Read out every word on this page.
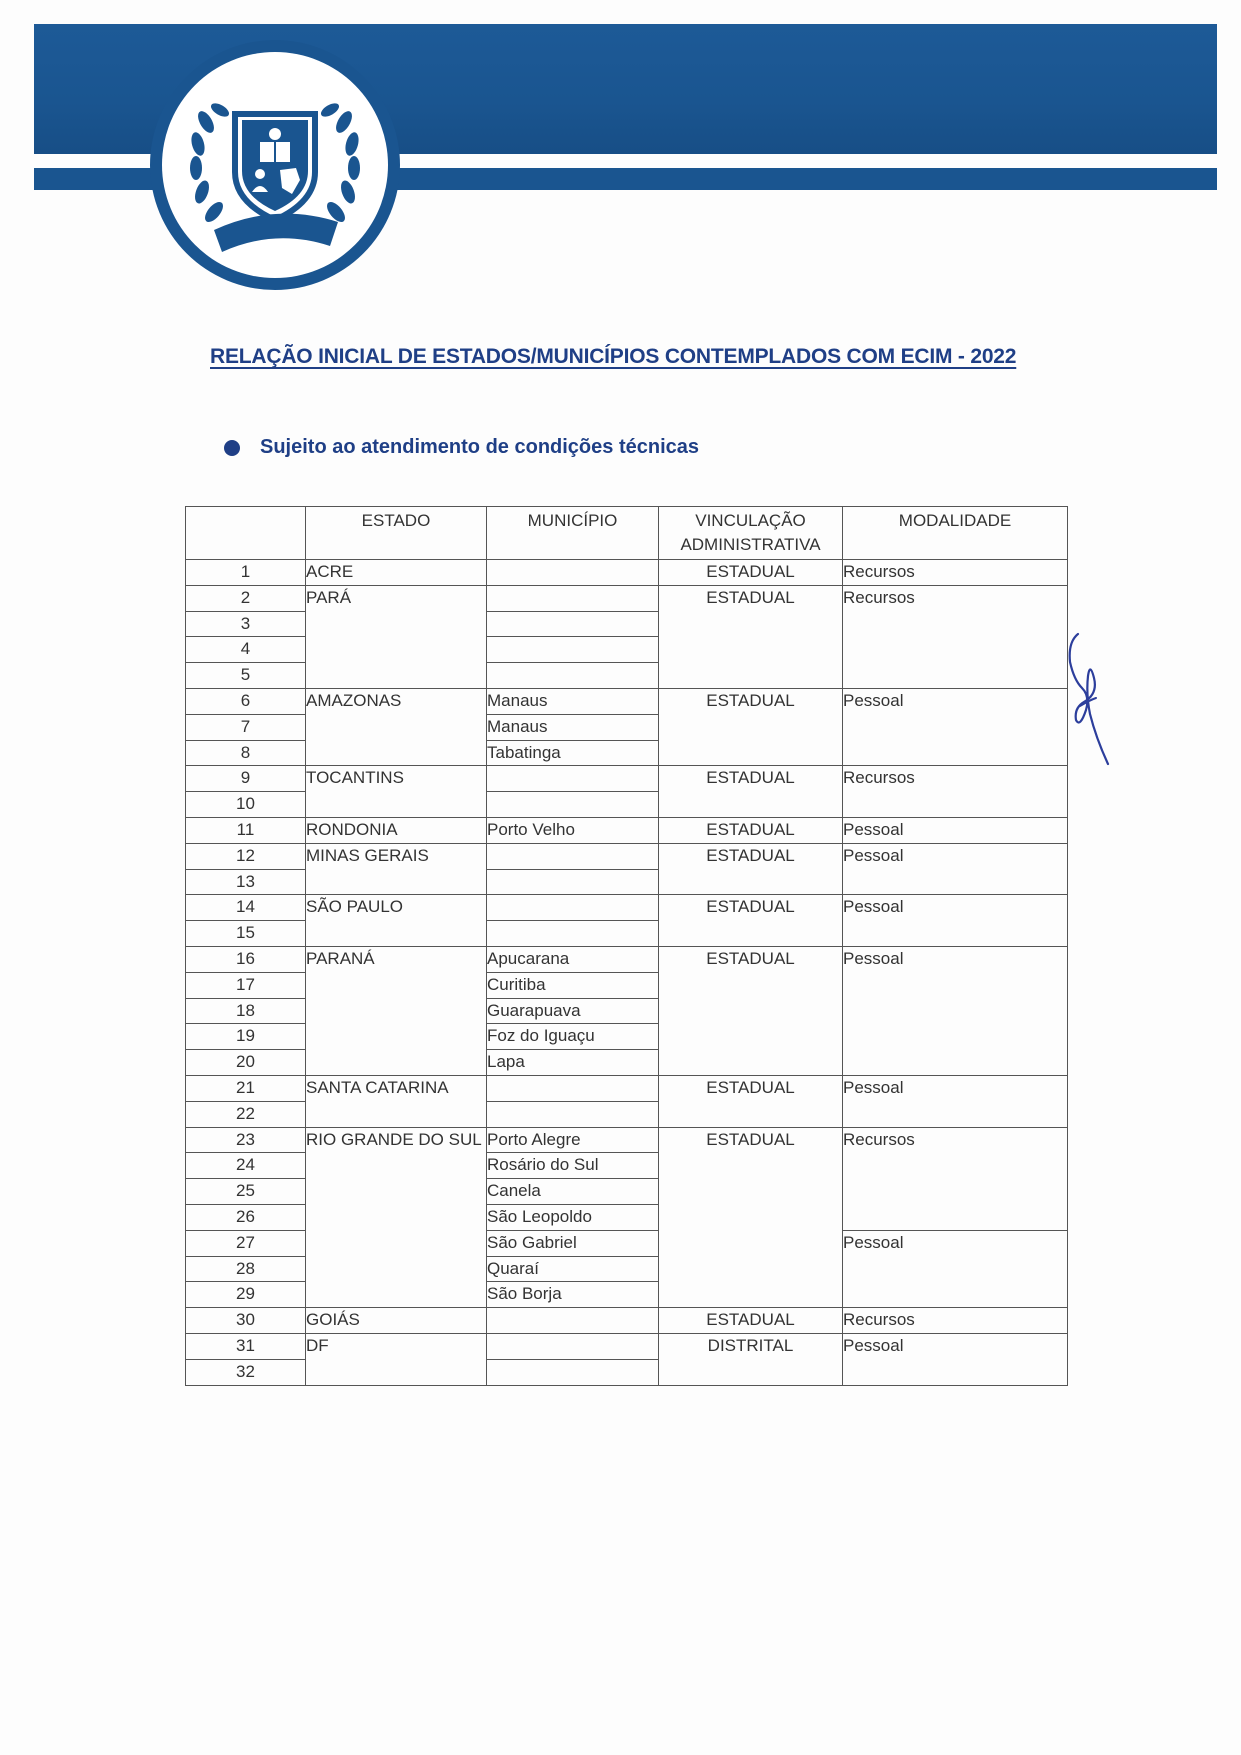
RELAÇÃO INICIAL DE ESTADOS/MUNICÍPIOS CONTEMPLADOS COM ECIM - 2022
Sujeito ao atendimento de condições técnicas
	ESTADO	MUNICÍPIO	VINCULAÇÃO ADMINISTRATIVA	MODALIDADE
1	ACRE		ESTADUAL	Recursos
2	PARÁ		ESTADUAL	Recursos
3				
4				
5				
6	AMAZONAS	Manaus	ESTADUAL	Pessoal
7		Manaus		
8		Tabatinga		
9	TOCANTINS		ESTADUAL	Recursos
10				
11	RONDONIA	Porto Velho	ESTADUAL	Pessoal
12	MINAS GERAIS		ESTADUAL	Pessoal
13				
14	SÃO PAULO		ESTADUAL	Pessoal
15				
16	PARANÁ	Apucarana	ESTADUAL	Pessoal
17		Curitiba		
18		Guarapuava		
19		Foz do Iguaçu		
20		Lapa		
21	SANTA CATARINA		ESTADUAL	Pessoal
22				
23	RIO GRANDE DO SUL	Porto Alegre	ESTADUAL	Recursos
24		Rosário do Sul		
25		Canela		
26		São Leopoldo		
27		São Gabriel		Pessoal
28		Quaraí		
29		São Borja		
30	GOIÁS		ESTADUAL	Recursos
31	DF		DISTRITAL	Pessoal
32				
